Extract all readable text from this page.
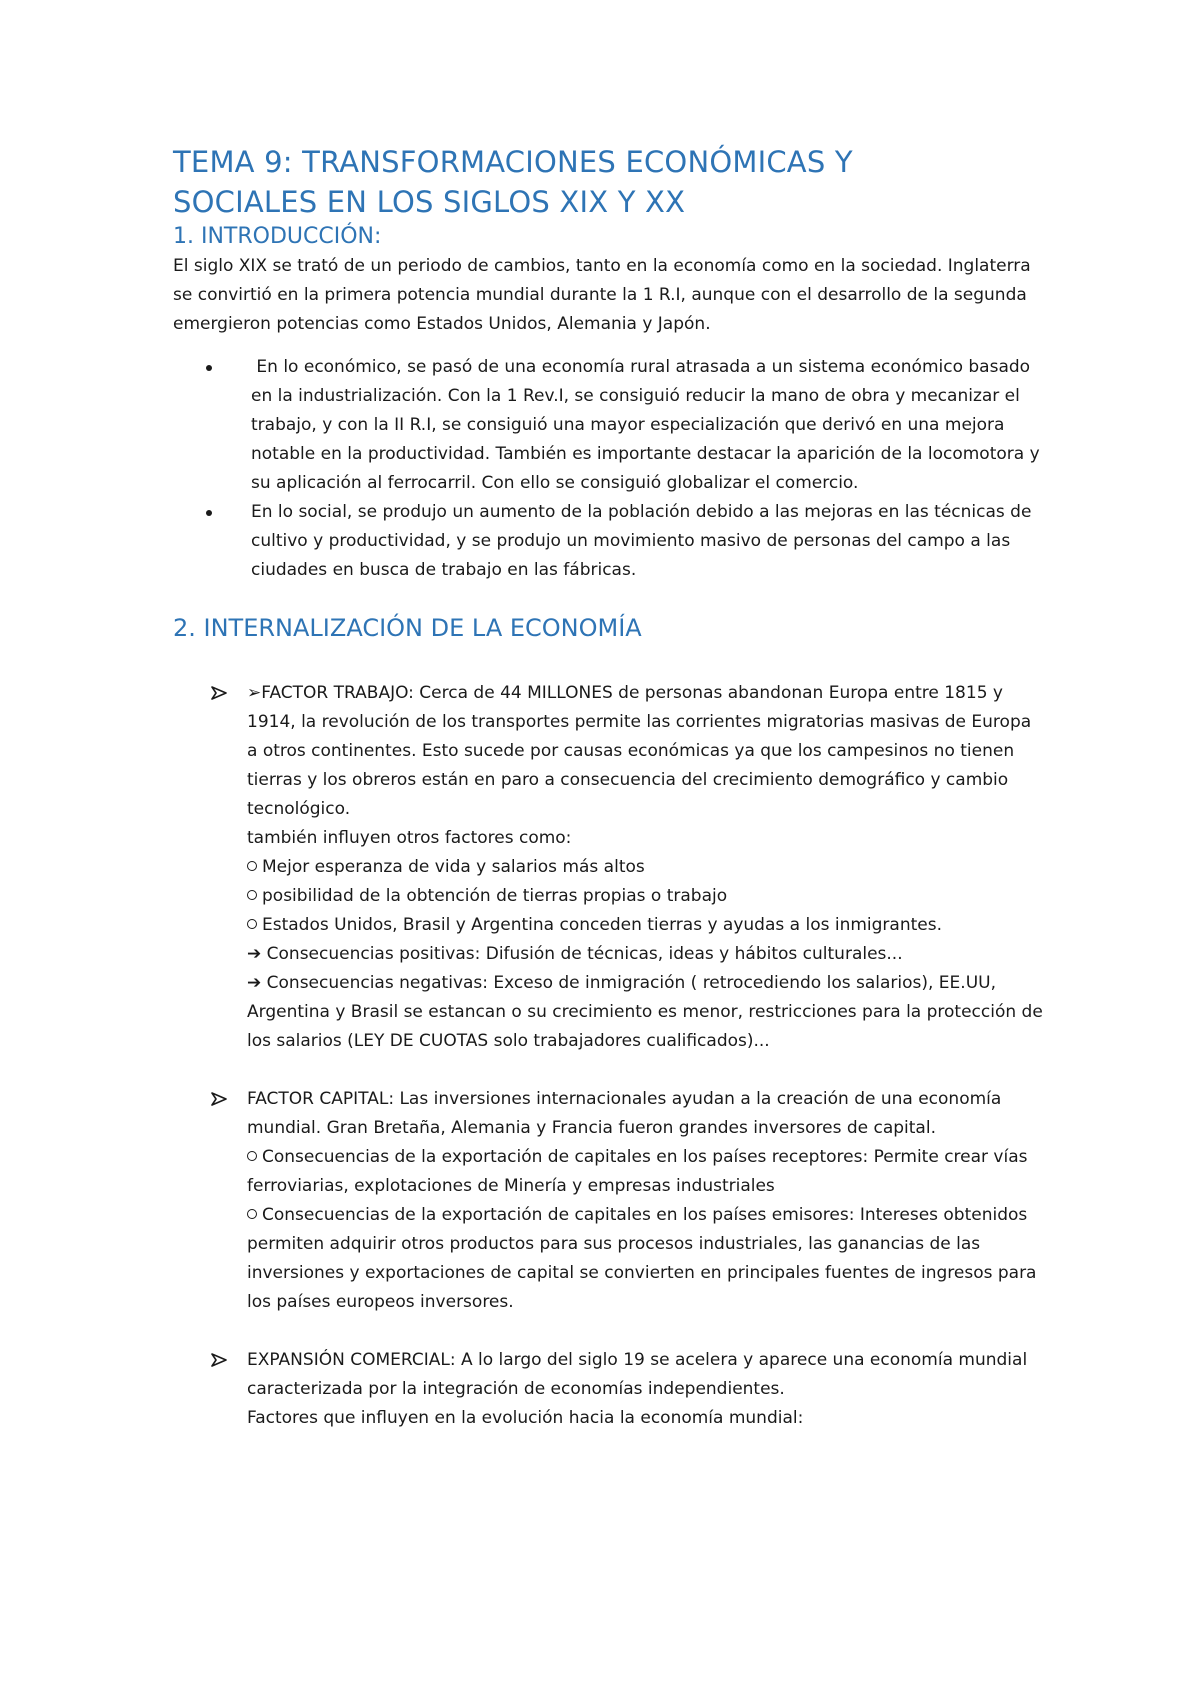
TEMA 9: TRANSFORMACIONES ECONÓMICAS Y
SOCIALES EN LOS SIGLOS XIX Y XX
1. INTRODUCCIÓN:

El siglo XIX se trató de un periodo de cambios, tanto en la economía como en la sociedad. Inglaterra se convirtió en la primera potencia mundial durante la 1 R.I, aunque con el desarrollo de la segunda emergieron potencias como Estados Unidos, Alemania y Japón.

En lo económico, se pasó de una economía rural atrasada a un sistema económico basado en la industrialización. Con la 1 Rev.I, se consiguió reducir la mano de obra y mecanizar el trabajo, y con la II R.I, se consiguió una mayor especialización que derivó en una mejora notable en la productividad. También es importante destacar la aparición de la locomotora y su aplicación al ferrocarril. Con ello se consiguió globalizar el comercio.
En lo social, se produjo un aumento de la población debido a las mejoras en las técnicas de cultivo y productividad, y se produjo un movimiento masivo de personas del campo a las ciudades en busca de trabajo en las fábricas.
2. INTERNALIZACIÓN DE LA ECONOMÍA
➢FACTOR TRABAJO: Cerca de 44 MILLONES de personas abandonan Europa entre 1815 y 1914, la revolución de los transportes permite las corrientes migratorias masivas de Europa a otros continentes. Esto sucede por causas económicas ya que los campesinos no tienen tierras y los obreros están en paro a consecuencia del crecimiento demográfico y cambio tecnológico.
también influyen otros factores como:
Mejor esperanza de vida y salarios más altos
posibilidad de la obtención de tierras propias o trabajo
Estados Unidos, Brasil y Argentina conceden tierras y ayudas a los inmigrantes.
➔ Consecuencias positivas: Difusión de técnicas, ideas y hábitos culturales...
➔ Consecuencias negativas: Exceso de inmigración ( retrocediendo los salarios), EE.UU, Argentina y Brasil se estancan o su crecimiento es menor, restricciones para la protección de los salarios (LEY DE CUOTAS solo trabajadores cualificados)...
FACTOR CAPITAL: Las inversiones internacionales ayudan a la creación de una economía mundial. Gran Bretaña, Alemania y Francia fueron grandes inversores de capital.
Consecuencias de la exportación de capitales en los países receptores: Permite crear vías ferroviarias, explotaciones de Minería y empresas industriales
Consecuencias de la exportación de capitales en los países emisores: Intereses obtenidos permiten adquirir otros productos para sus procesos industriales, las ganancias de las inversiones y exportaciones de capital se convierten en principales fuentes de ingresos para los países europeos inversores.
EXPANSIÓN COMERCIAL: A lo largo del siglo 19 se acelera y aparece una economía mundial caracterizada por la integración de economías independientes.
Factores que influyen en la evolución hacia la economía mundial:
